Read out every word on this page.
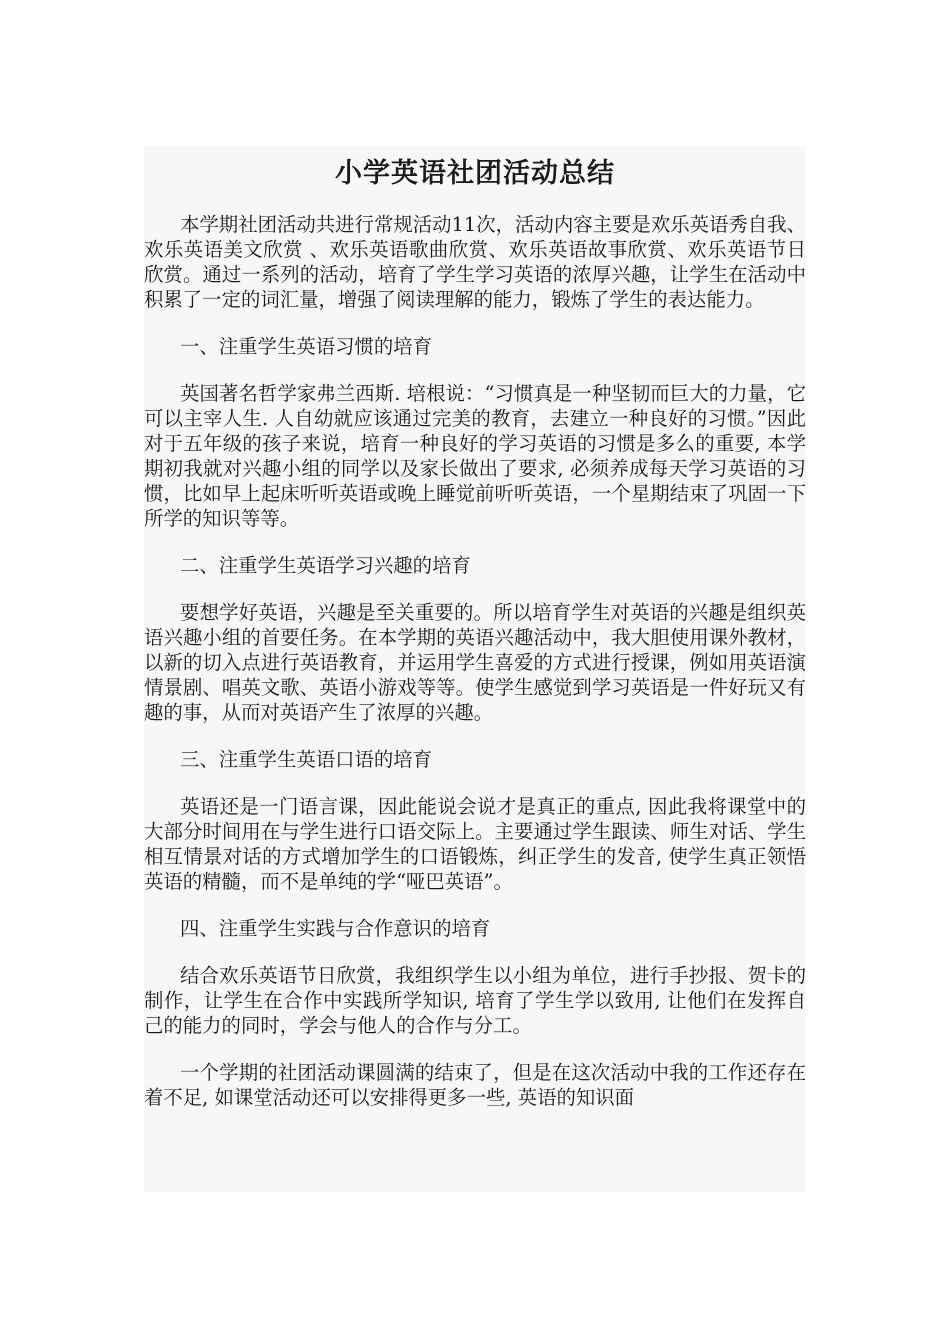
小学英语社团活动总结

本学期社团活动共进行常规活动11次，活动内容主要是欢乐英语秀自我、欢乐英语美文欣赏 、欢乐英语歌曲欣赏、欢乐英语故事欣赏、欢乐英语节日欣赏。通过一系列的活动，培育了学生学习英语的浓厚兴趣，让学生在活动中积累了一定的词汇量，增强了阅读理解的能力，锻炼了学生的表达能力。

一、注重学生英语习惯的培育

英国著名哲学家弗兰西斯. 培根说：“习惯真是一种坚韧而巨大的力量，它可以主宰人生. 人自幼就应该通过完美的教育，去建立一种良好的习惯。”因此对于五年级的孩子来说，培育一种良好的学习英语的习惯是多么的重要, 本学期初我就对兴趣小组的同学以及家长做出了要求, 必须养成每天学习英语的习惯，比如早上起床听听英语或晚上睡觉前听听英语，一个星期结束了巩固一下所学的知识等等。

二、注重学生英语学习兴趣的培育

要想学好英语，兴趣是至关重要的。所以培育学生对英语的兴趣是组织英语兴趣小组的首要任务。在本学期的英语兴趣活动中，我大胆使用课外教材，以新的切入点进行英语教育，并运用学生喜爱的方式进行授课，例如用英语演情景剧、唱英文歌、英语小游戏等等。使学生感觉到学习英语是一件好玩又有趣的事，从而对英语产生了浓厚的兴趣。

三、注重学生英语口语的培育

英语还是一门语言课，因此能说会说才是真正的重点, 因此我将课堂中的大部分时间用在与学生进行口语交际上。主要通过学生跟读、师生对话、学生相互情景对话的方式增加学生的口语锻炼，纠正学生的发音, 使学生真正领悟英语的精髓，而不是单纯的学“哑巴英语”。

四、注重学生实践与合作意识的培育

结合欢乐英语节日欣赏，我组织学生以小组为单位，进行手抄报、贺卡的制作，让学生在合作中实践所学知识, 培育了学生学以致用, 让他们在发挥自己的能力的同时，学会与他人的合作与分工。

一个学期的社团活动课圆满的结束了，但是在这次活动中我的工作还存在着不足, 如课堂活动还可以安排得更多一些, 英语的知识面
